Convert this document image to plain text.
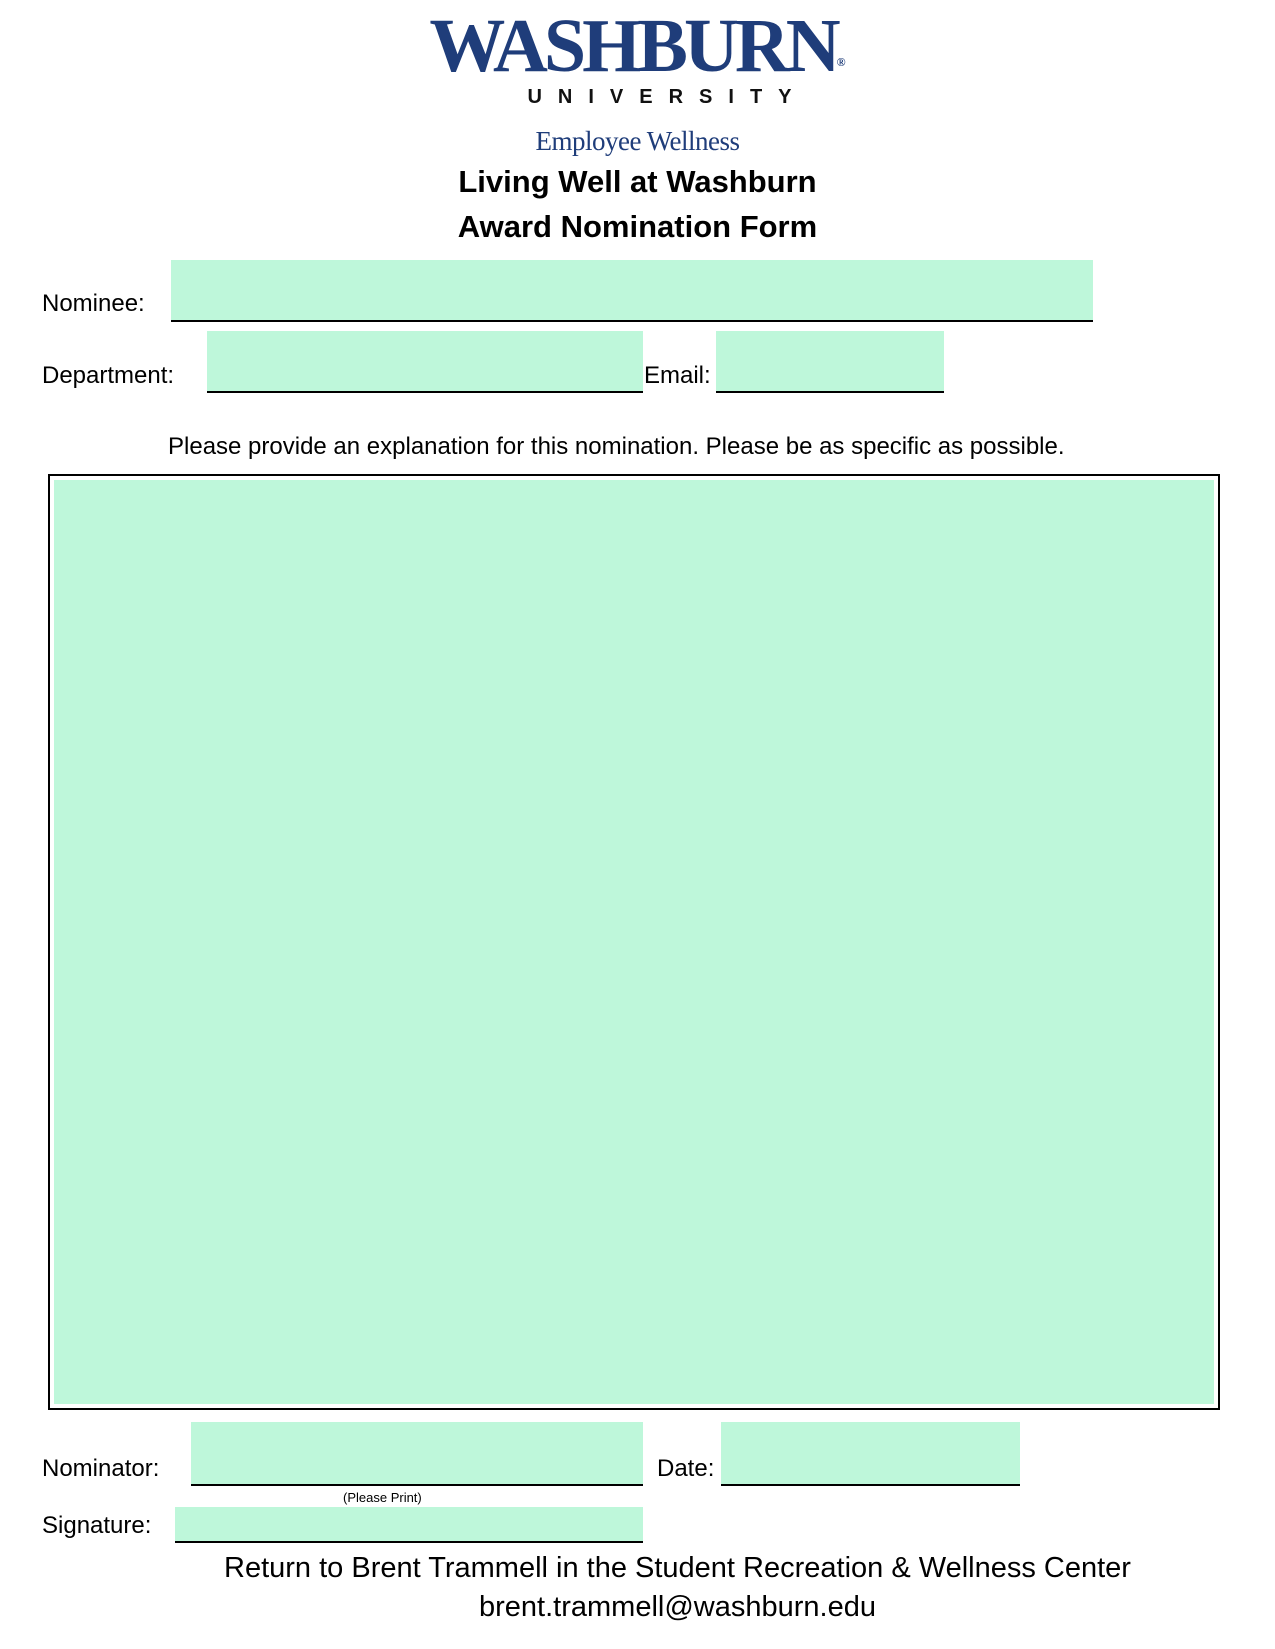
WASHBURN®
UNIVERSITY
Employee Wellness
Living Well at Washburn
Award Nomination Form
Nominee:
Department:	Email:
Please provide an explanation for this nomination. Please be as specific as possible.
Nominator:
(Please Print)
Date:
Signature:
Return to Brent Trammell in the Student Recreation & Wellness Center
brent.trammell@washburn.edu
